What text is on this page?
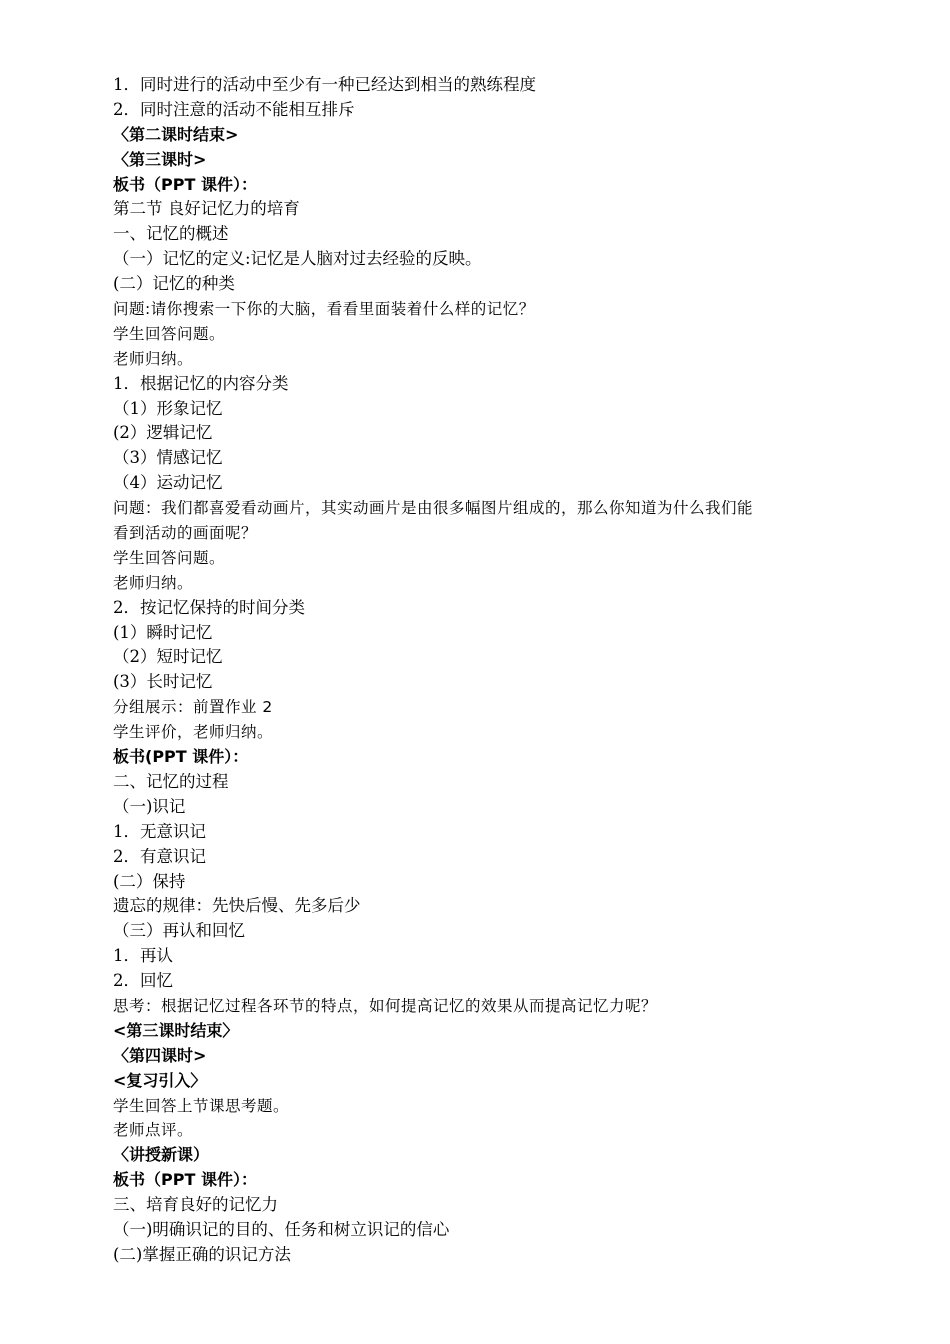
1．同时进行的活动中至少有一种已经达到相当的熟练程度
2．同时注意的活动不能相互排斥
〈第二课时结束>
〈第三课时>
板书（PPT 课件）：
第二节 良好记忆力的培育
一、记忆的概述
（一）记忆的定义:记忆是人脑对过去经验的反映。
(二）记忆的种类
问题:请你搜索一下你的大脑，看看里面装着什么样的记忆？
学生回答问题。
老师归纳。
1．根据记忆的内容分类
（1）形象记忆
(2）逻辑记忆
（3）情感记忆
（4）运动记忆
问题：我们都喜爱看动画片，其实动画片是由很多幅图片组成的，那么你知道为什么我们能
看到活动的画面呢？
学生回答问题。
老师归纳。
2．按记忆保持的时间分类
(1）瞬时记忆
（2）短时记忆
(3）长时记忆
分组展示：前置作业 2
学生评价，老师归纳。
板书(PPT 课件）：
二、记忆的过程
（一)识记
1．无意识记
2．有意识记
(二）保持
遗忘的规律：先快后慢、先多后少
（三）再认和回忆
1．再认
2．回忆
思考：根据记忆过程各环节的特点，如何提高记忆的效果从而提高记忆力呢？
<第三课时结束〉
〈第四课时>
<复习引入〉
学生回答上节课思考题。
老师点评。
〈讲授新课）
板书（PPT 课件）：
三、培育良好的记忆力
（一)明确识记的目的、任务和树立识记的信心
(二)掌握正确的识记方法
